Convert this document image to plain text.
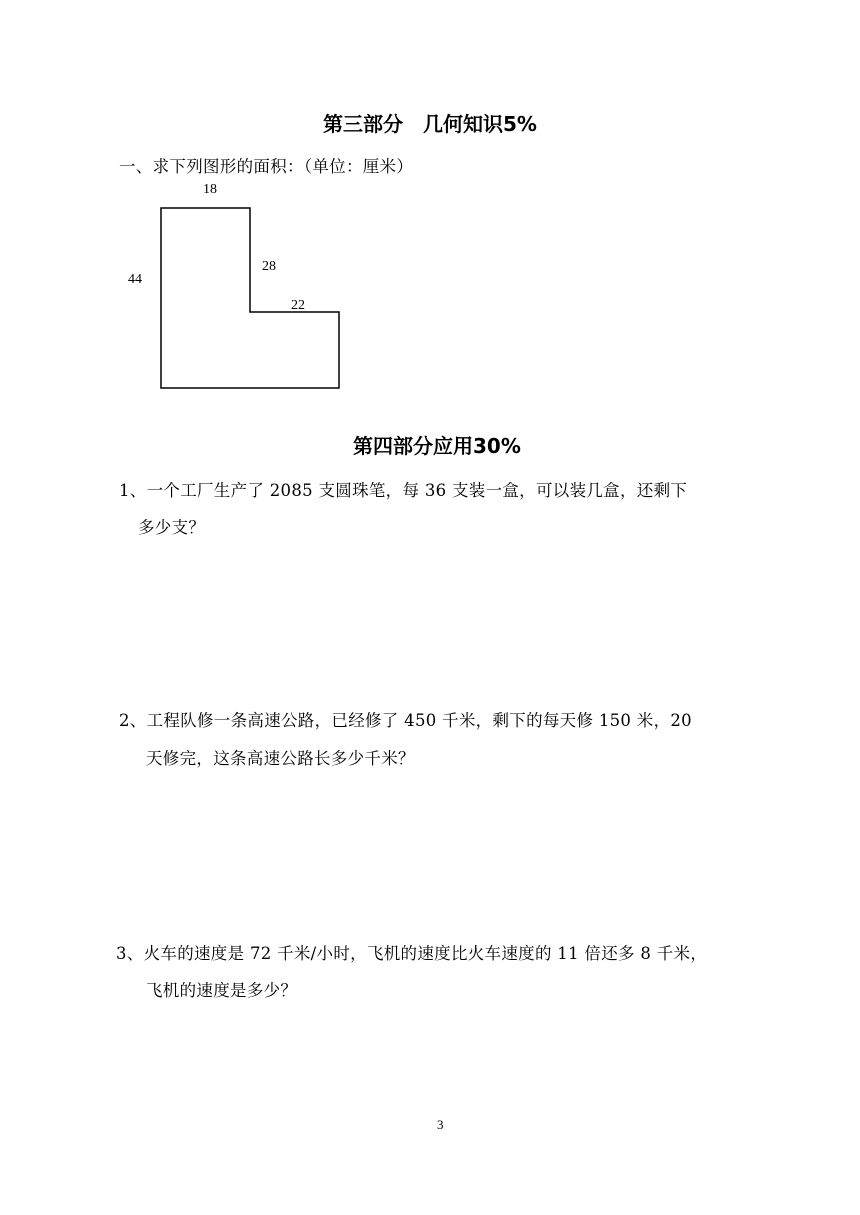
第三部分　几何知识5%
一、求下列图形的面积：（单位：厘米）
18
44
28
22
第四部分应用30%
1、一个工厂生产了 2085 支圆珠笔，每 36 支装一盒，可以装几盒，还剩下
多少支？
2、工程队修一条高速公路，已经修了 450 千米，剩下的每天修 150 米，20
天修完，这条高速公路长多少千米？
3、火车的速度是 72 千米/小时，飞机的速度比火车速度的 11 倍还多 8 千米，
飞机的速度是多少？
3
